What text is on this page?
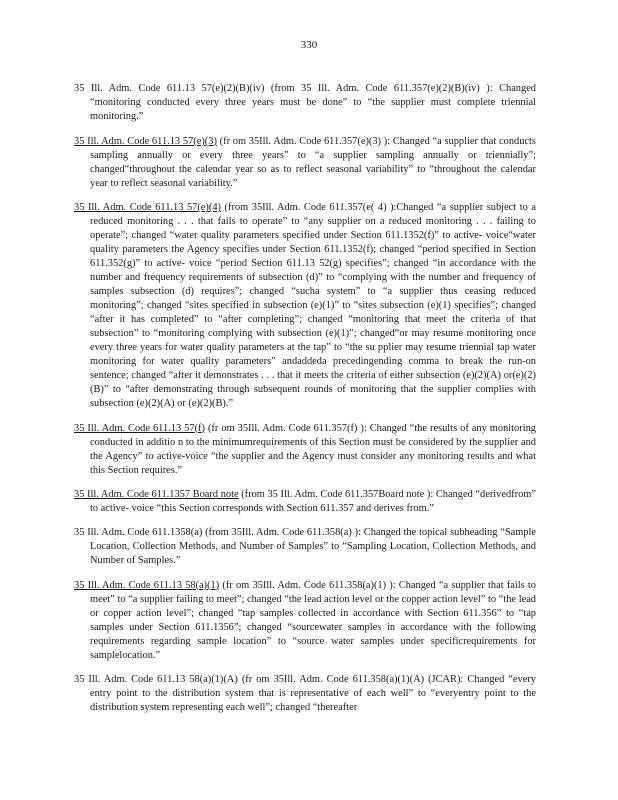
330

35 Ill. Adm. Code 611.13 57(e)(2)(B)(iv) (from 35 Ill. Adm. Code 611.357(e)(2)(B)(iv) ): Changed “monitoring conducted every three years must be done” to “the supplier must complete triennial monitoring.”

35 Ill. Adm. Code 611.13 57(e)(3) (fr om 35Ill. Adm. Code 611.357(e)(3) ): Changed “a supplier that conducts sampling annually or every three years” to “a supplier sampling annually or triennially”; changed“throughout the calendar year so as to reflect seasonal variability” to “throughout the calendar year to reflect seasonal variability.”

35 Ill. Adm. Code 611.13 57(e)(4) (from 35Ill. Adm. Code 611.357(e( 4) ):Changed “a supplier subject to a reduced monitoring . . . that fails to operate” to “any supplier on a reduced monitoring . . . failing to operate”; changed “water quality parameters specified under Section 611.1352(f)” to active- voice“water quality parameters the Agency specifies under Section 611.1352(f); changed “period specified in Section 611.352(g)” to active- voice “period Section 611.13 52(g) specifies”; changed “in accordance with the number and frequency requirements of subsection (d)” to “complying with the number and frequency of samples subsection (d) requires”; changed “sucha system” to “a supplier thus ceasing reduced monitoring”; changed “sites specified in subsection (e)(1)” to “sites subsection (e)(1) specifies”; changed “after it has completed” to “after completing”; changed “monitoring that meet the criteria of that subsection” to “monitoring complying with subsection (e)(1)”; changed“or may resume monitoring once every three years for water quality parameters at the tap” to “the su pplier may resume triennial tap water monitoring for water quality parameters” andaddeda precedingending comma to break the run-on sentence; changed “after it demonstrates . . . that it meets the criteria of either subsection (e)(2)(A) or(e)(2)(B)” to “after demonstrating through subsequent rounds of monitoring that the supplier complies with subsection (e)(2)(A) or (e)(2)(B).”

35 Ill. Adm. Code 611.13 57(f) (fr om 35Ill. Adm. Code 611.357(f) ): Changed “the results of any monitoring conducted in additio n to the minimumrequirements of this Section must be considered by the supplier and the Agency” to active-voice “the supplier and the Agency must consider any monitoring results and what this Section requires.”

35 Ill. Adm. Code 611.1357 Board note (from 35 Ill. Adm. Code 611.357Board note ): Changed “derivedfrom” to active- voice “this Section corresponds with Section 611.357 and derives from.”

35 Ill. Adm. Code 611.1358(a) (from 35Ill. Adm. Code 611.358(a) ): Changed the topical subheading “Sample Location, Collection Methods, and Number of Samples” to “Sampling Location, Collection Methods, and Number of Samples.”

35 Ill. Adm. Code 611.13 58(a)(1) (fr om 35Ill. Adm. Code 611.358(a)(1) ): Changed “a supplier that fails to meet” to “a supplier failing to meet”; changed “the lead action level or the copper action level” to “the lead or copper action level”; changed “tap samples collected in accordance with Section 611.356” to “tap samples under Section 611.1356”; changed “sourcewater samples in accordance with the following requirements regarding sample location” to “source water samples under specificrequirements for samplelocation.”

35 Ill. Adm. Code 611.13 58(a)(1)(A) (fr om 35Ill. Adm. Code 611.358(a)(1)(A) (JCAR): Changed “every entry point to the distribution system that is representative of each well” to “everyentry point to the distribution system representing each well”; changed “thereafter
